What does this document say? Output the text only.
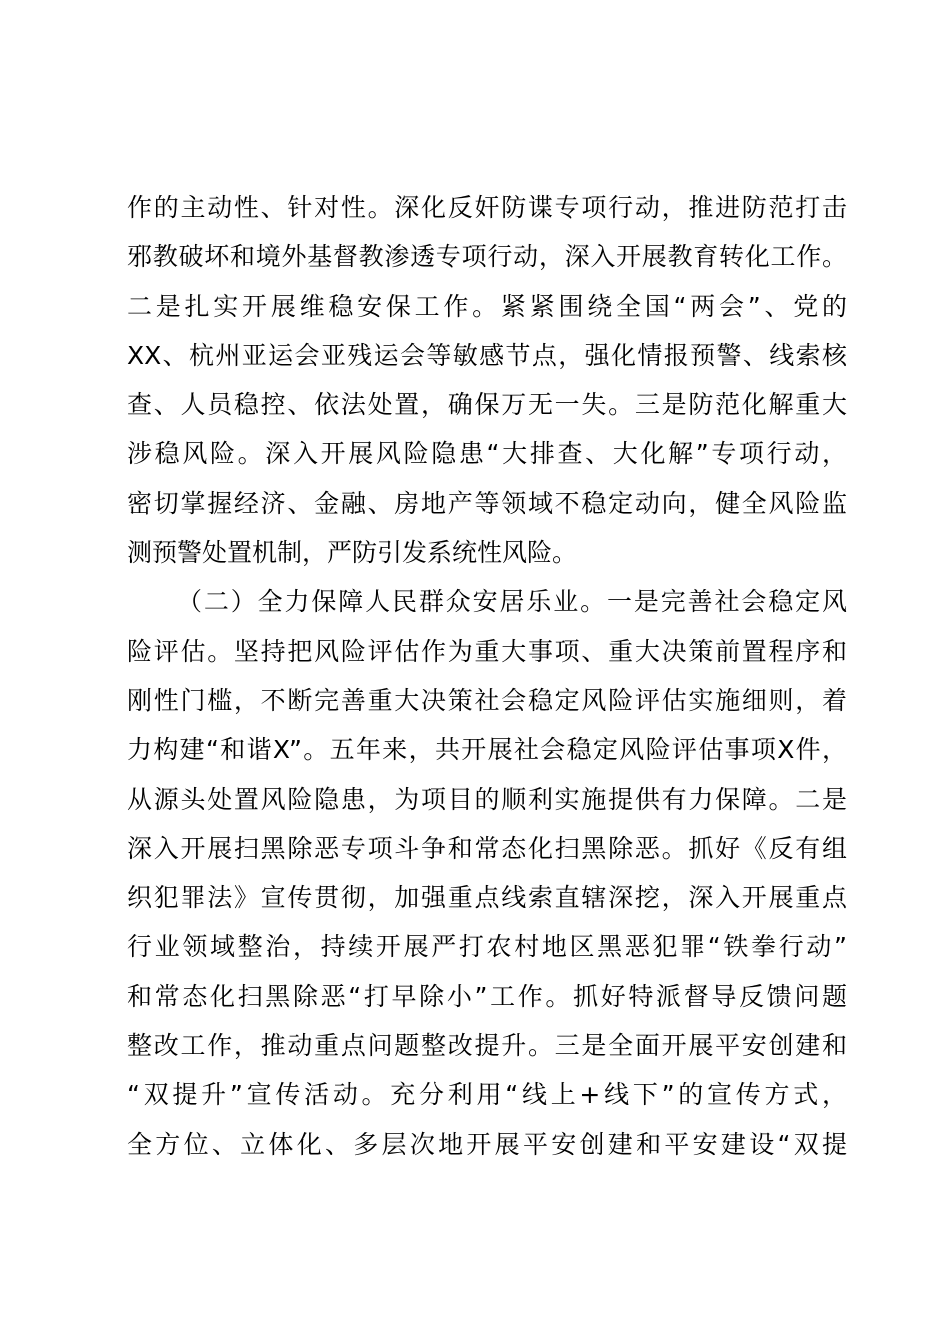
作的主动性、针对性。深化反奸防谍专项行动，推进防范打击
邪教破坏和境外基督教渗透专项行动，深入开展教育转化工作。
二是扎实开展维稳安保工作。紧紧围绕全国“两会”、党的
XX、杭州亚运会亚残运会等敏感节点，强化情报预警、线索核
查、人员稳控、依法处置，确保万无一失。三是防范化解重大
涉稳风险。深入开展风险隐患“大排查、大化解”专项行动，
密切掌握经济、金融、房地产等领域不稳定动向，健全风险监
测预警处置机制，严防引发系统性风险。
（二）全力保障人民群众安居乐业。一是完善社会稳定风
险评估。坚持把风险评估作为重大事项、重大决策前置程序和
刚性门槛，不断完善重大决策社会稳定风险评估实施细则，着
力构建“和谐X”。五年来，共开展社会稳定风险评估事项X件，
从源头处置风险隐患，为项目的顺利实施提供有力保障。二是
深入开展扫黑除恶专项斗争和常态化扫黑除恶。抓好《反有组
织犯罪法》宣传贯彻，加强重点线索直辖深挖，深入开展重点
行业领域整治，持续开展严打农村地区黑恶犯罪“铁拳行动”
和常态化扫黑除恶“打早除小”工作。抓好特派督导反馈问题
整改工作，推动重点问题整改提升。三是全面开展平安创建和
“双提升”宣传活动。充分利用“线上+线下”的宣传方式，
全方位、立体化、多层次地开展平安创建和平安建设“双提
